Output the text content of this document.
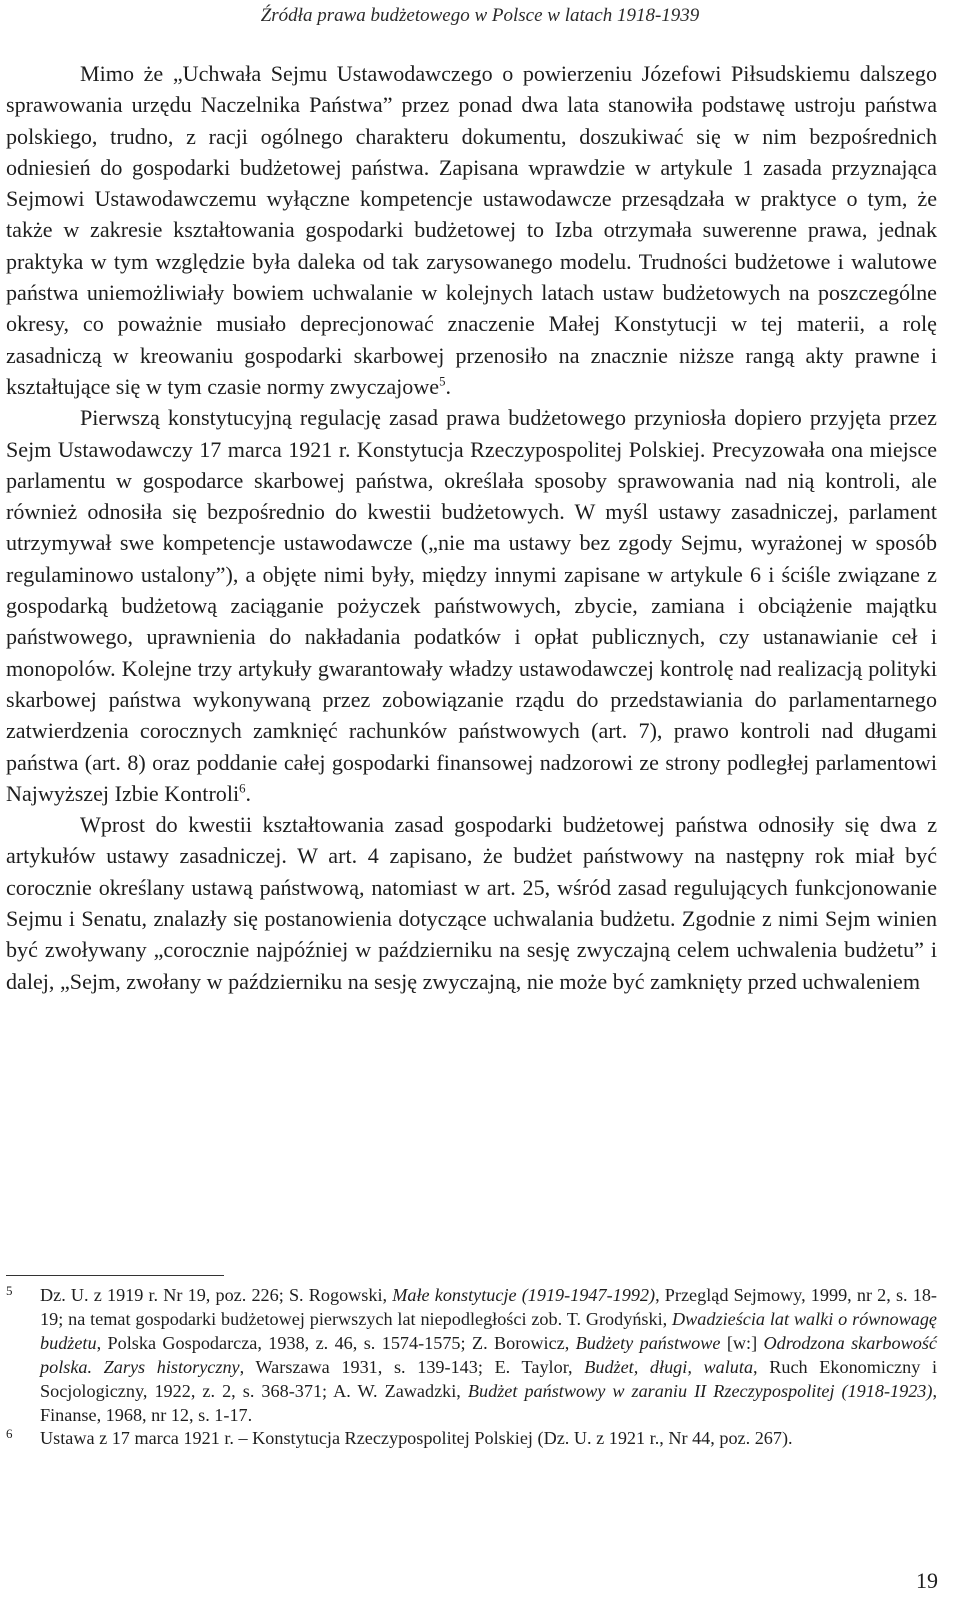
Źródła prawa budżetowego w Polsce w latach 1918-1939

Mimo że „Uchwała Sejmu Ustawodawczego o powierzeniu Józefowi Piłsudskiemu dalszego sprawowania urzędu Naczelnika Państwa” przez ponad dwa lata stanowiła podstawę ustroju państwa polskiego, trudno, z racji ogólnego charakteru dokumentu, doszukiwać się w nim bezpośrednich odniesień do gospodarki budżetowej państwa. Zapisana wprawdzie w artykule 1 zasada przyznająca Sejmowi Ustawodawczemu wyłączne kompetencje ustawodawcze przesądzała w praktyce o tym, że także w zakresie kształtowania gospodarki budżetowej to Izba otrzymała suwerenne prawa, jednak praktyka w tym względzie była daleka od tak zarysowanego modelu. Trudności budżetowe i walutowe państwa uniemożliwiały bowiem uchwalanie w kolejnych latach ustaw budżetowych na poszczególne okresy, co poważnie musiało deprecjonować znaczenie Małej Konstytucji w tej materii, a rolę zasadniczą w kreowaniu gospodarki skarbowej przenosiło na znacznie niższe rangą akty prawne i kształtujące się w tym czasie normy zwyczajowe$^5$.

Pierwszą konstytucyjną regulację zasad prawa budżetowego przyniosła dopiero przyjęta przez Sejm Ustawodawczy 17 marca 1921 r. Konstytucja Rzeczypospolitej Polskiej. Precyzowała ona miejsce parlamentu w gospodarce skarbowej państwa, określała sposoby sprawowania nad nią kontroli, ale również odnosiła się bezpośrednio do kwestii budżetowych. W myśl ustawy zasadniczej, parlament utrzymywał swe kompetencje ustawodawcze („nie ma ustawy bez zgody Sejmu, wyrażonej w sposób regulaminowo ustalony”), a objęte nimi były, między innymi zapisane w artykule 6 i ściśle związane z gospodarką budżetową zaciąganie pożyczek państwowych, zbycie, zamiana i obciążenie majątku państwowego, uprawnienia do nakładania podatków i opłat publicznych, czy ustanawianie ceł i monopolów. Kolejne trzy artykuły gwarantowały władzy ustawodawczej kontrolę nad realizacją polityki skarbowej państwa wykonywaną przez zobowiązanie rządu do przedstawiania do parlamentarnego zatwierdzenia corocznych zamknięć rachunków państwowych (art. 7), prawo kontroli nad długami państwa (art. 8) oraz poddanie całej gospodarki finansowej nadzorowi ze strony podległej parlamentowi Najwyższej Izbie Kontroli$^6$.

Wprost do kwestii kształtowania zasad gospodarki budżetowej państwa odnosiły się dwa z artykułów ustawy zasadniczej. W art. 4 zapisano, że budżet państwowy na następny rok miał być corocznie określany ustawą państwową, natomiast w art. 25, wśród zasad regulujących funkcjonowanie Sejmu i Senatu, znalazły się postanowienia dotyczące uchwalania budżetu. Zgodnie z nimi Sejm winien być zwoływany „corocznie najpóźniej w październiku na sesję zwyczajną celem uchwalenia budżetu” i dalej, „Sejm, zwołany w październiku na sesję zwyczajną, nie może być zamknięty przed uchwaleniem

5 Dz. U. z 1919 r. Nr 19, poz. 226; S. Rogowski, Małe konstytucje (1919-1947-1992), Przegląd Sejmowy, 1999, nr 2, s. 18-19; na temat gospodarki budżetowej pierwszych lat niepodległości zob. T. Grodyński, Dwadzieścia lat walki o równowagę budżetu, Polska Gospodarcza, 1938, z. 46, s. 1574-1575; Z. Borowicz, Budżety państwowe [w:] Odrodzona skarbowość polska. Zarys historyczny, Warszawa 1931, s. 139-143; E. Taylor, Budżet, długi, waluta, Ruch Ekonomiczny i Socjologiczny, 1922, z. 2, s. 368-371; A. W. Zawadzki, Budżet państwowy w zaraniu II Rzeczypospolitej (1918-1923), Finanse, 1968, nr 12, s. 1-17.
6 Ustawa z 17 marca 1921 r. – Konstytucja Rzeczypospolitej Polskiej (Dz. U. z 1921 r., Nr 44, poz. 267).
19
